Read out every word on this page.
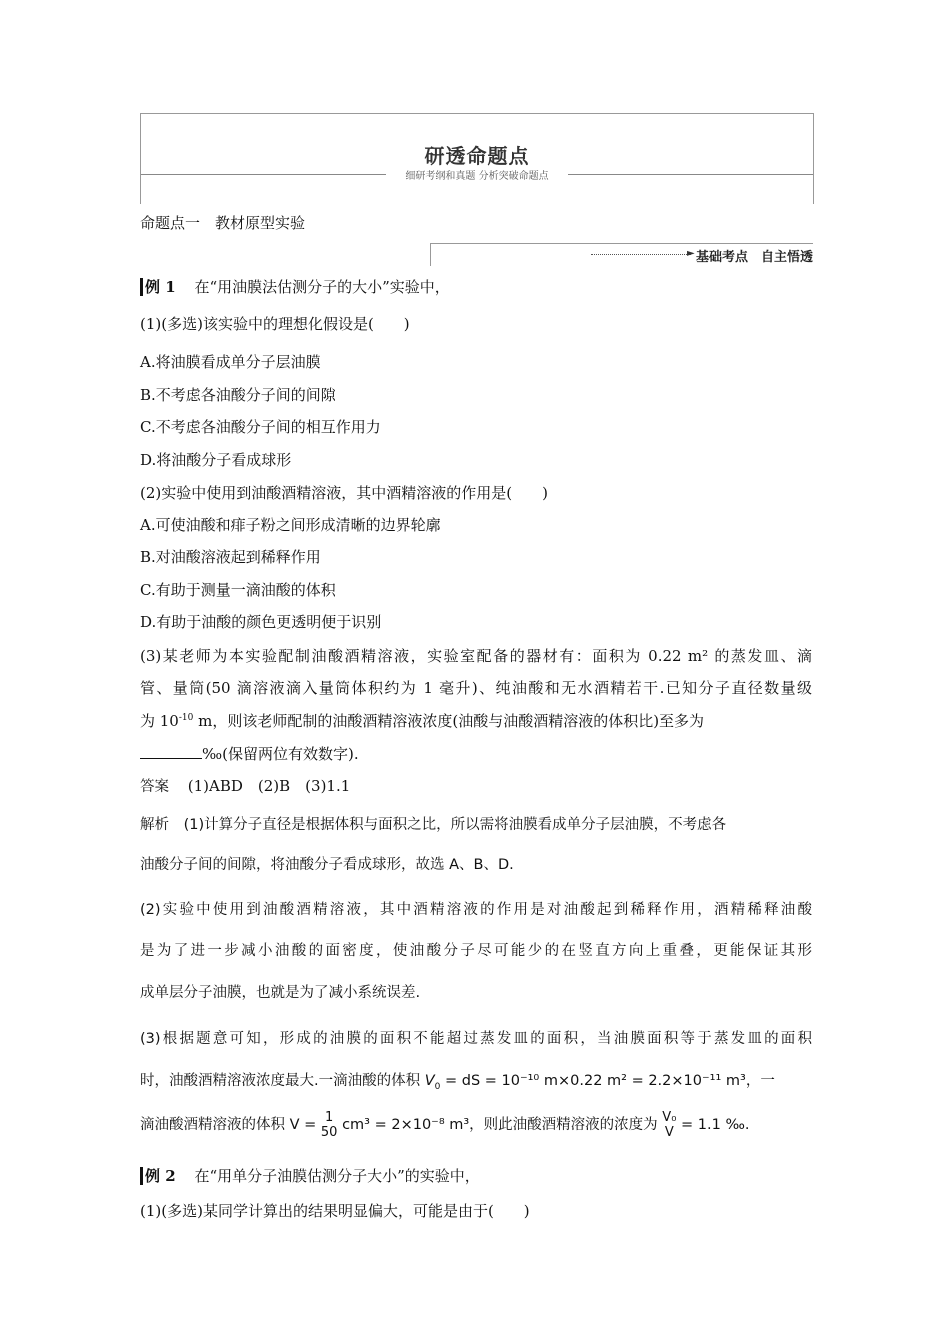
研透命题点
细研考纲和真题 分析突破命题点
命题点一　教材原型实验
► 基础考点　自主悟透
例 1 在“用油膜法估测分子的大小”实验中，
(1)(多选)该实验中的理想化假设是(　　)
A.将油膜看成单分子层油膜
B.不考虑各油酸分子间的间隙
C.不考虑各油酸分子间的相互作用力
D.将油酸分子看成球形
(2)实验中使用到油酸酒精溶液，其中酒精溶液的作用是(　　)
A.可使油酸和痱子粉之间形成清晰的边界轮廓
B.对油酸溶液起到稀释作用
C.有助于测量一滴油酸的体积
D.有助于油酸的颜色更透明便于识别
(3)某老师为本实验配制油酸酒精溶液，实验室配备的器材有：面积为 0.22 m² 的蒸发皿、滴
管、量筒(50 滴溶液滴入量筒体积约为 1 毫升)、纯油酸和无水酒精若干.已知分子直径数量级
为 $10^{-10}$ m，则该老师配制的油酸酒精溶液浓度(油酸与油酸酒精溶液的体积比)至多为
‰(保留两位有效数字).
答案 (1)ABD　(2)B　(3)1.1
解析 (1)计算分子直径是根据体积与面积之比，所以需将油膜看成单分子层油膜，不考虑各
油酸分子间的间隙，将油酸分子看成球形，故选 A、B、D.
(2)实验中使用到油酸酒精溶液，其中酒精溶液的作用是对油酸起到稀释作用，酒精稀释油酸
是为了进一步减小油酸的面密度，使油酸分子尽可能少的在竖直方向上重叠，更能保证其形
成单层分子油膜，也就是为了减小系统误差.
(3)根据题意可知，形成的油膜的面积不能超过蒸发皿的面积，当油膜面积等于蒸发皿的面积
时，油酸酒精溶液浓度最大.一滴油酸的体积 $V_0$ = dS = 10⁻¹⁰ m×0.22 m² = 2.2×10⁻¹¹ m³，一
滴油酸酒精溶液的体积 V = 1
50 cm³ = 2×10⁻⁸ m³，则此油酸酒精溶液的浓度为 V₀
V = 1.1 ‰.
例 2 在“用单分子油膜估测分子大小”的实验中，
(1)(多选)某同学计算出的结果明显偏大，可能是由于(　　)
